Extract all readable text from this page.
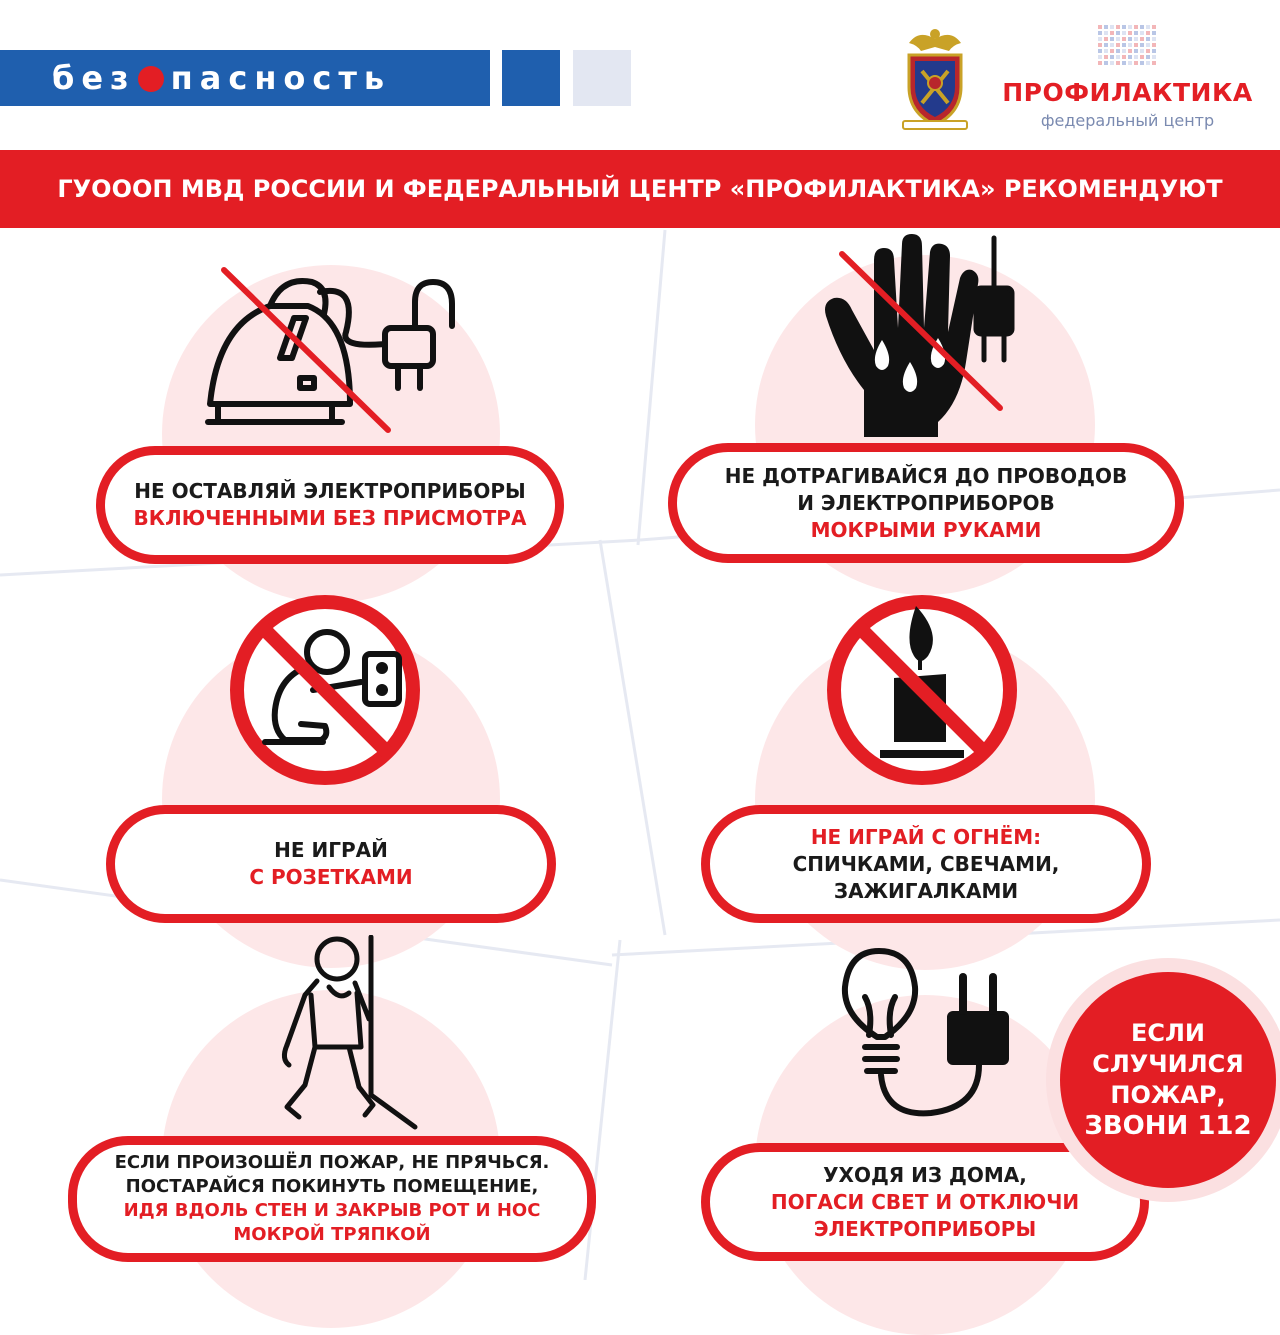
без пасность	ПРОФИЛАКТИКА
федеральный центр
ГУОООП МВД РОССИИ И ФЕДЕРАЛЬНЫЙ ЦЕНТР «ПРОФИЛАКТИКА» РЕКОМЕНДУЮТ
НЕ ОСТАВЛЯЙ ЭЛЕКТРОПРИБОРЫ
ВКЛЮЧЕННЫМИ БЕЗ ПРИСМОТРА
НЕ ДОТРАГИВАЙСЯ ДО ПРОВОДОВ
И ЭЛЕКТРОПРИБОРОВ
МОКРЫМИ РУКАМИ
НЕ ИГРАЙ
С РОЗЕТКАМИ
НЕ ИГРАЙ С ОГНЁМ:
СПИЧКАМИ, СВЕЧАМИ,
ЗАЖИГАЛКАМИ
ЕСЛИ ПРОИЗОШЁЛ ПОЖАР, НЕ ПРЯЧЬСЯ.
ПОСТАРАЙСЯ ПОКИНУТЬ ПОМЕЩЕНИЕ,
ИДЯ ВДОЛЬ СТЕН И ЗАКРЫВ РОТ И НОС
МОКРОЙ ТРЯПКОЙ
УХОДЯ ИЗ ДОМА,
ПОГАСИ СВЕТ И ОТКЛЮЧИ
ЭЛЕКТРОПРИБОРЫ
ЕСЛИ
СЛУЧИЛСЯ
ПОЖАР,
ЗВОНИ 112
